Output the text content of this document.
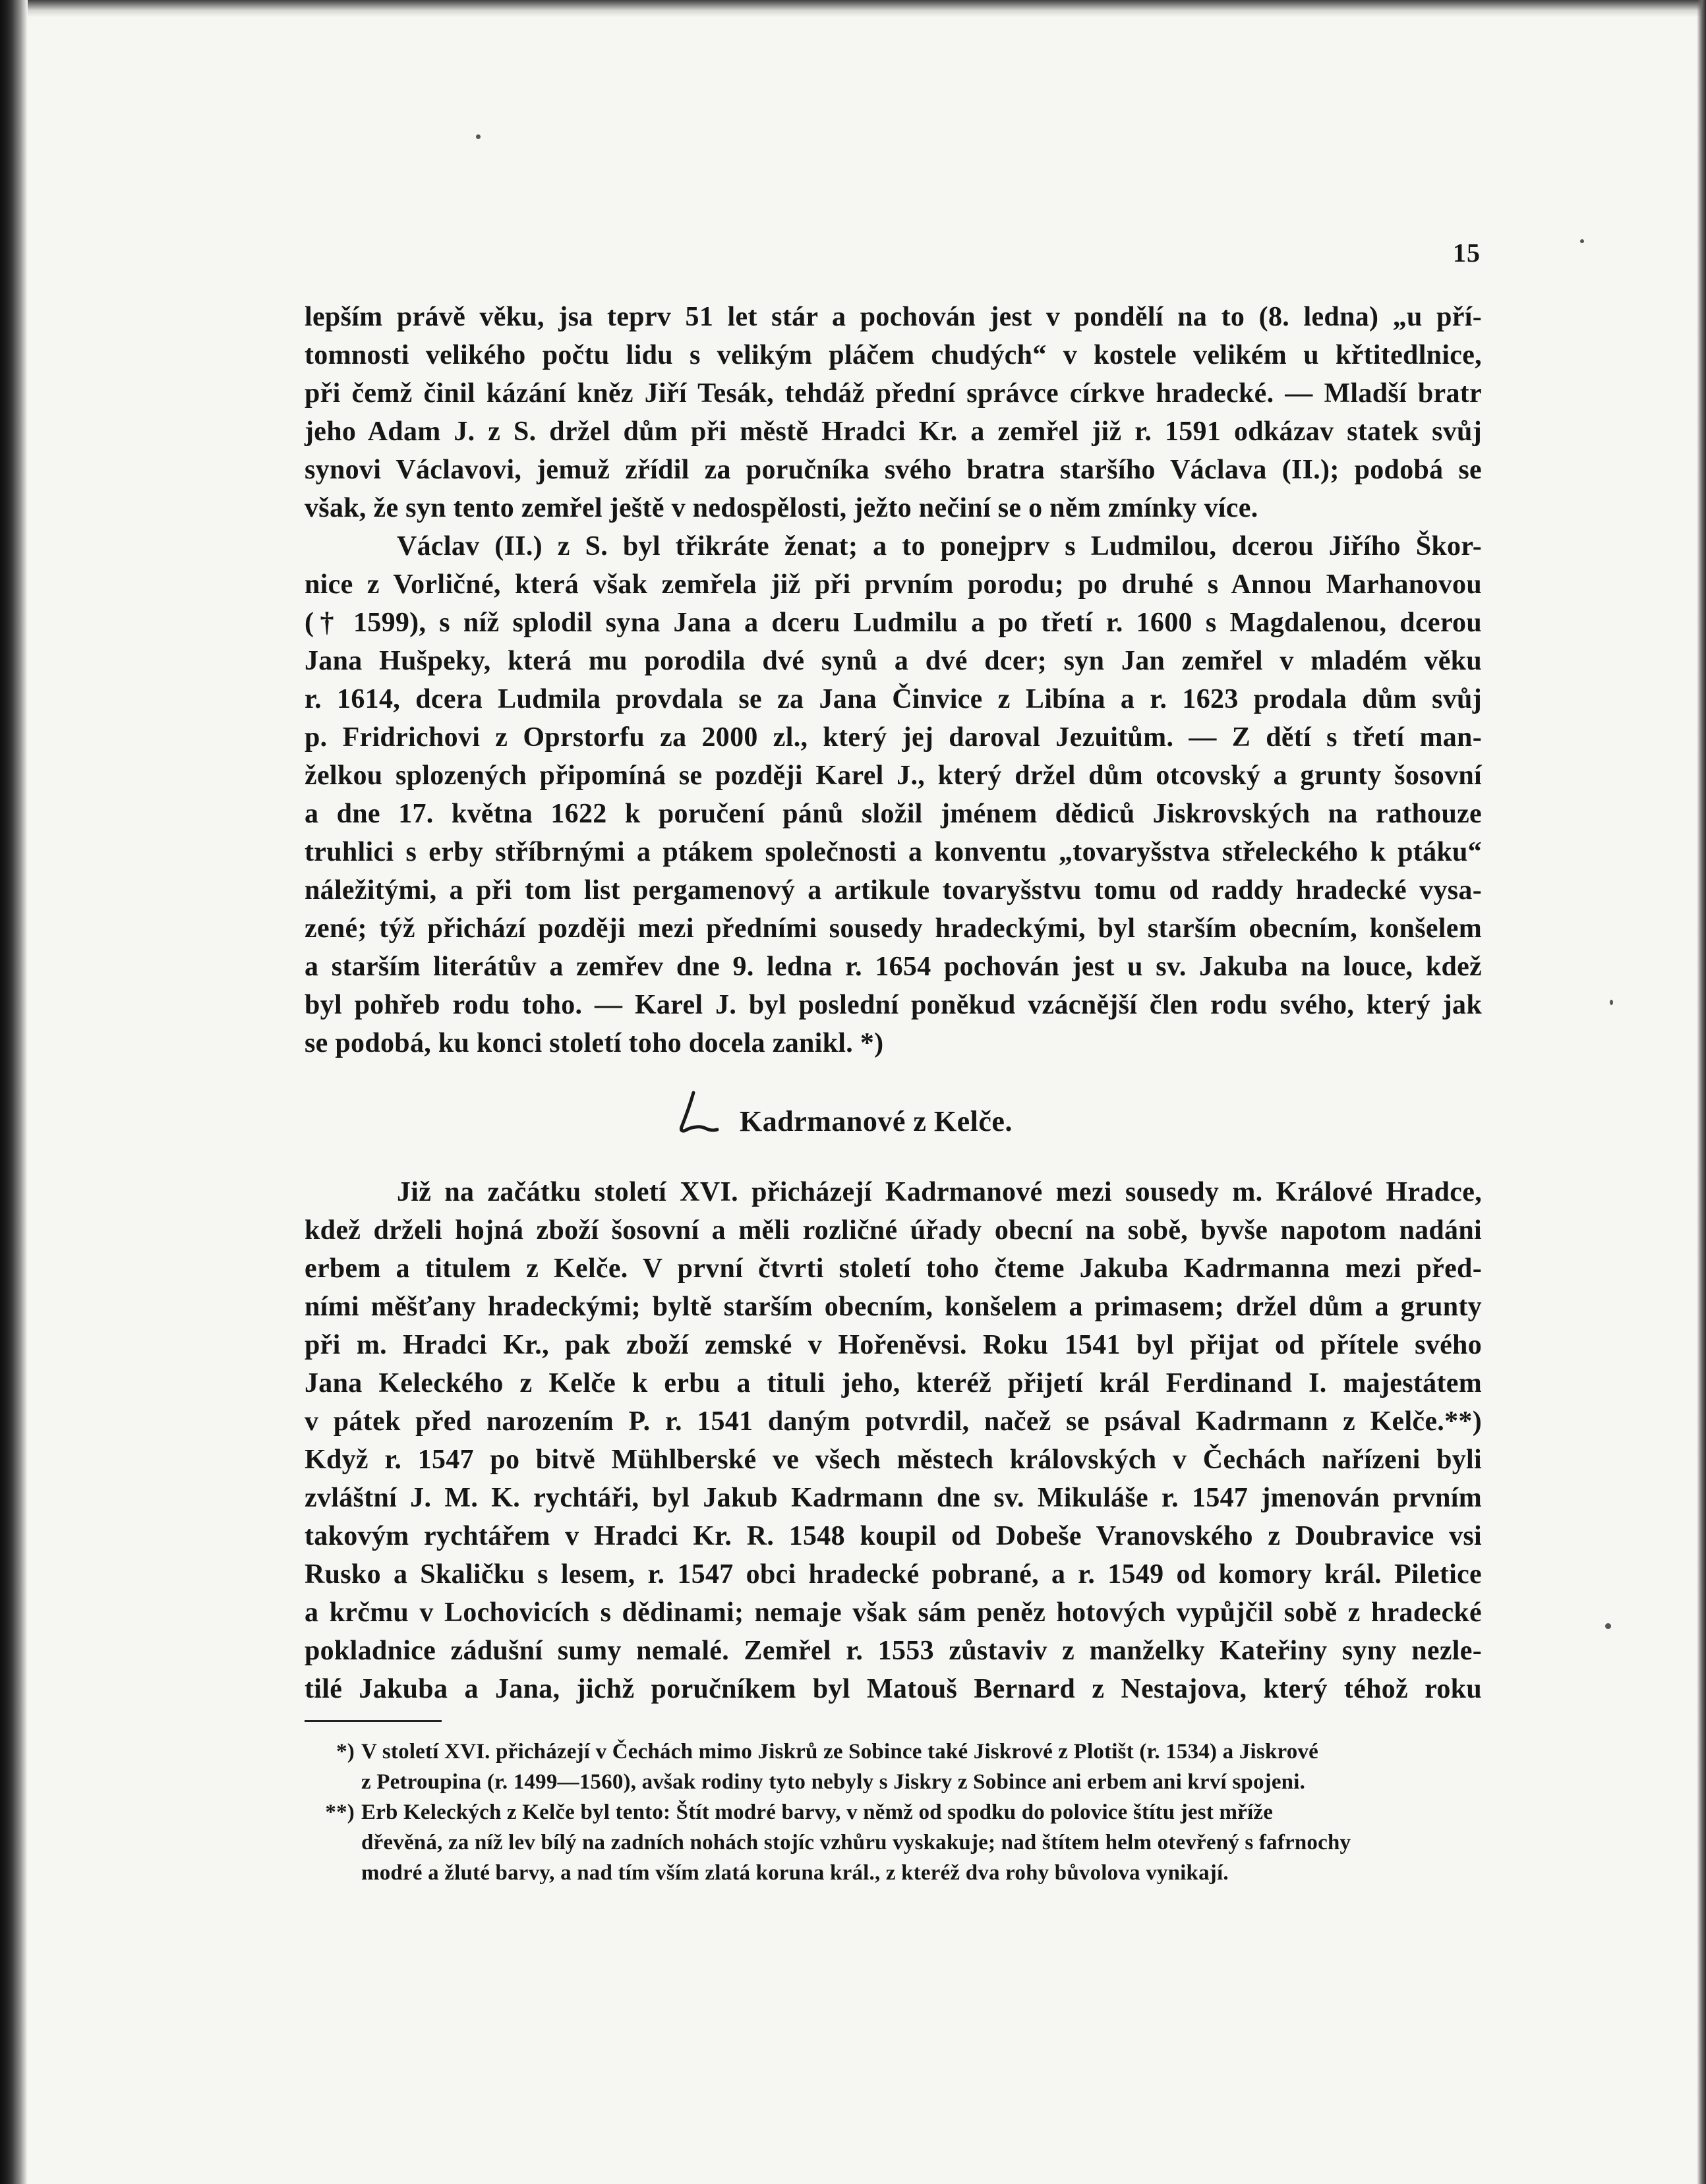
15

lepším právě věku, jsa teprv 51 let stár a pochován jest v pondělí na to (8. ledna) „u pří-

tomnosti velikého počtu lidu s velikým pláčem chudých“ v kostele velikém u křtitedlnice,

při čemž činil kázání kněz Jiří Tesák, tehdáž přední správce církve hradecké. — Mladší bratr

jeho Adam J. z S. držel dům při městě Hradci Kr. a zemřel již r. 1591 odkázav statek svůj

synovi Václavovi, jemuž zřídil za poručníka svého bratra staršího Václava (II.); podobá se

však, že syn tento zemřel ještě v nedospělosti, ježto nečiní se o něm zmínky více.

Václav (II.) z S. byl třikráte ženat; a to ponejprv s Ludmilou, dcerou Jiřího Škor-

nice z Vorličné, která však zemřela již při prvním porodu; po druhé s Annou Marhanovou

(† 1599), s níž splodil syna Jana a dceru Ludmilu a po třetí r. 1600 s Magdalenou, dcerou

Jana Hušpeky, která mu porodila dvé synů a dvé dcer; syn Jan zemřel v mladém věku

r. 1614, dcera Ludmila provdala se za Jana Činvice z Libína a r. 1623 prodala dům svůj

p. Fridrichovi z Oprstorfu za 2000 zl., který jej daroval Jezuitům. — Z dětí s třetí man-

želkou splozených připomíná se později Karel J., který držel dům otcovský a grunty šosovní

a dne 17. května 1622 k poručení pánů složil jménem dědiců Jiskrovských na rathouze

truhlici s erby stříbrnými a ptákem společnosti a konventu „tovaryšstva střeleckého k ptáku“

náležitými, a při tom list pergamenový a artikule tovaryšstvu tomu od raddy hradecké vysa-

zené; týž přichází později mezi předními sousedy hradeckými, byl starším obecním, konšelem

a starším literátův a zemřev dne 9. ledna r. 1654 pochován jest u sv. Jakuba na louce, kdež

byl pohřeb rodu toho. — Karel J. byl poslední poněkud vzácnější člen rodu svého, který jak

se podobá, ku konci století toho docela zanikl. *)

Kadrmanové z Kelče.

Již na začátku století XVI. přicházejí Kadrmanové mezi sousedy m. Králové Hradce,

kdež drželi hojná zboží šosovní a měli rozličné úřady obecní na sobě, byvše napotom nadáni

erbem a titulem z Kelče. V první čtvrti století toho čteme Jakuba Kadrmanna mezi před-

ními měšťany hradeckými; byltě starším obecním, konšelem a primasem; držel dům a grunty

při m. Hradci Kr., pak zboží zemské v Hořeněvsi. Roku 1541 byl přijat od přítele svého

Jana Keleckého z Kelče k erbu a tituli jeho, kteréž přijetí král Ferdinand I. majestátem

v pátek před narozením P. r. 1541 daným potvrdil, načež se psával Kadrmann z Kelče.**)

Když r. 1547 po bitvě Mühlberské ve všech městech královských v Čechách nařízeni byli

zvláštní J. M. K. rychtáři, byl Jakub Kadrmann dne sv. Mikuláše r. 1547 jmenován prvním

takovým rychtářem v Hradci Kr. R. 1548 koupil od Dobeše Vranovského z Doubravice vsi

Rusko a Skaličku s lesem, r. 1547 obci hradecké pobrané, a r. 1549 od komory král. Piletice

a krčmu v Lochovicích s dědinami; nemaje však sám peněz hotových vypůjčil sobě z hradecké

pokladnice zádušní sumy nemalé. Zemřel r. 1553 zůstaviv z manželky Kateřiny syny nezle-

tilé Jakuba a Jana, jichž poručníkem byl Matouš Bernard z Nestajova, který téhož roku

*) V století XVI. přicházejí v Čechách mimo Jiskrů ze Sobince také Jiskrové z Plotišt (r. 1534) a Jiskrové

z Petroupina (r. 1499—1560), avšak rodiny tyto nebyly s Jiskry z Sobince ani erbem ani krví spojeni.

**) Erb Keleckých z Kelče byl tento: Štít modré barvy, v němž od spodku do polovice štítu jest mříže

dřevěná, za níž lev bílý na zadních nohách stojíc vzhůru vyskakuje; nad štítem helm otevřený s fafrnochy

modré a žluté barvy, a nad tím vším zlatá koruna král., z kteréž dva rohy bůvolova vynikají.
